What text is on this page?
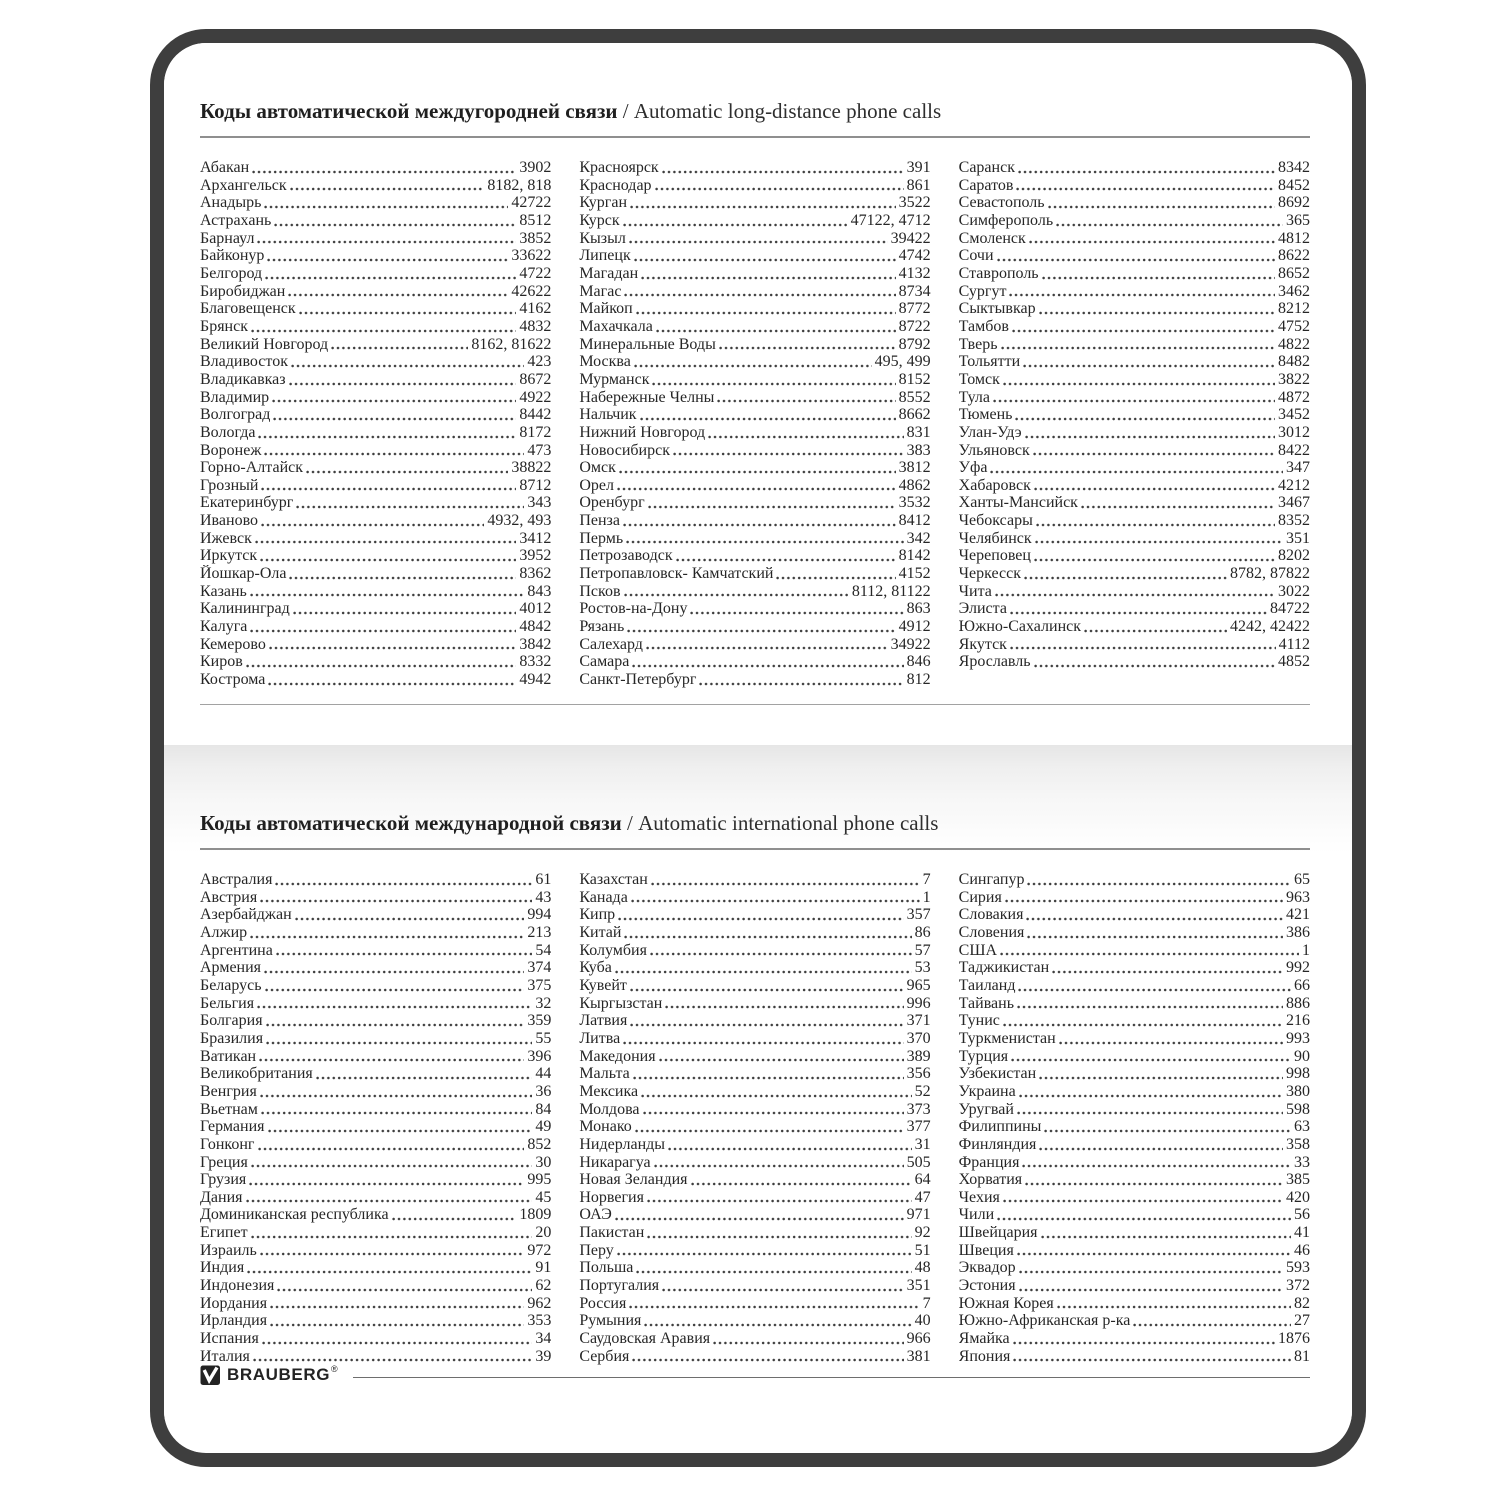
Коды автоматической междугородней связи / Automatic long-distance phone calls
Абакан	3902
Архангельск	8182, 818
Анадырь	42722
Астрахань	8512
Барнаул	3852
Байконур	33622
Белгород	4722
Биробиджан	42622
Благовещенск	4162
Брянск	4832
Великий Новгород	8162, 81622
Владивосток	423
Владикавказ	8672
Владимир	4922
Волгоград	8442
Вологда	8172
Воронеж	473
Горно-Алтайск	38822
Грозный	8712
Екатеринбург	343
Иваново	4932, 493
Ижевск	3412
Иркутск	3952
Йошкар-Ола	8362
Казань	843
Калининград	4012
Калуга	4842
Кемерово	3842
Киров	8332
Кострома	4942
Красноярск	391
Краснодар	861
Курган	3522
Курск	47122, 4712
Кызыл	39422
Липецк	4742
Магадан	4132
Магас	8734
Майкоп	8772
Махачкала	8722
Минеральные Воды	8792
Москва	495, 499
Мурманск	8152
Набережные Челны	8552
Нальчик	8662
Нижний Новгород	831
Новосибирск	383
Омск	3812
Орел	4862
Оренбург	3532
Пенза	8412
Пермь	342
Петрозаводск	8142
Петропавловск- Камчатский	4152
Псков	8112, 81122
Ростов-на-Дону	863
Рязань	4912
Салехард	34922
Самара	846
Санкт-Петербург	812
Саранск	8342
Саратов	8452
Севастополь	8692
Симферополь	365
Смоленск	4812
Сочи	8622
Ставрополь	8652
Сургут	3462
Сыктывкар	8212
Тамбов	4752
Тверь	4822
Тольятти	8482
Томск	3822
Тула	4872
Тюмень	3452
Улан-Удэ	3012
Ульяновск	8422
Уфа	347
Хабаровск	4212
Ханты-Мансийск	3467
Чебоксары	8352
Челябинск	351
Череповец	8202
Черкесск	8782, 87822
Чита	3022
Элиста	84722
Южно-Сахалинск	4242, 42422
Якутск	4112
Ярославль	4852
Коды автоматической международной связи / Automatic international phone calls
Австралия	61
Австрия	43
Азербайджан	994
Алжир	213
Аргентина	54
Армения	374
Беларусь	375
Бельгия	32
Болгария	359
Бразилия	55
Ватикан	396
Великобритания	44
Венгрия	36
Вьетнам	84
Германия	49
Гонконг	852
Греция	30
Грузия	995
Дания	45
Доминиканская республика	1809
Египет	20
Израиль	972
Индия	91
Индонезия	62
Иордания	962
Ирландия	353
Испания	34
Италия	39
Казахстан	7
Канада	1
Кипр	357
Китай	86
Колумбия	57
Куба	53
Кувейт	965
Кыргызстан	996
Латвия	371
Литва	370
Македония	389
Мальта	356
Мексика	52
Молдова	373
Монако	377
Нидерланды	31
Никарагуа	505
Новая Зеландия	64
Норвегия	47
ОАЭ	971
Пакистан	92
Перу	51
Польша	48
Португалия	351
Россия	7
Румыния	40
Саудовская Аравия	966
Сербия	381
Сингапур	65
Сирия	963
Словакия	421
Словения	386
США	1
Таджикистан	992
Таиланд	66
Тайвань	886
Тунис	216
Туркменистан	993
Турция	90
Узбекистан	998
Украина	380
Уругвай	598
Филиппины	63
Финляндия	358
Франция	33
Хорватия	385
Чехия	420
Чили	56
Швейцария	41
Швеция	46
Эквадор	593
Эстония	372
Южная Корея	82
Южно-Африканская р-ка	27
Ямайка	1876
Япония	81
BRAUBERG ®
